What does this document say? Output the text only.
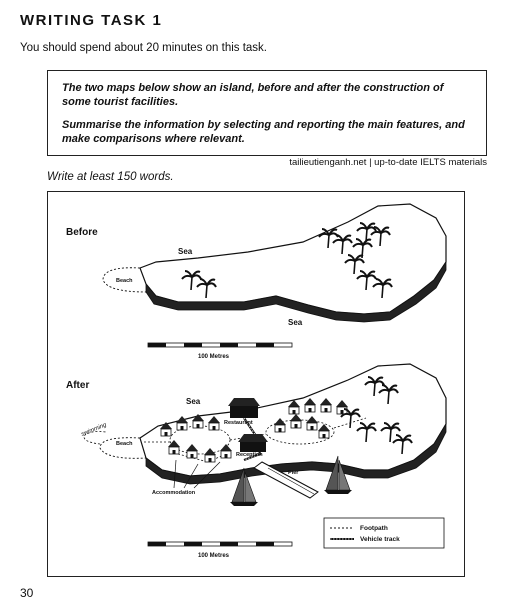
WRITING TASK 1
You should spend about 20 minutes on this task.

The two maps below show an island, before and after the construction of some tourist facilities.

Summarise the information by selecting and reporting the main features, and make comparisons where relevant.

tailieutienganh.net | up-to-date IELTS materials
Write at least 150 words.
Before
Sea
Sea
Beach
100 Metres
After
Sea
swimming
Beach
Restaurant
Reception
Pier
Accommodation
100 Metres
Footpath
Vehicle track
30
